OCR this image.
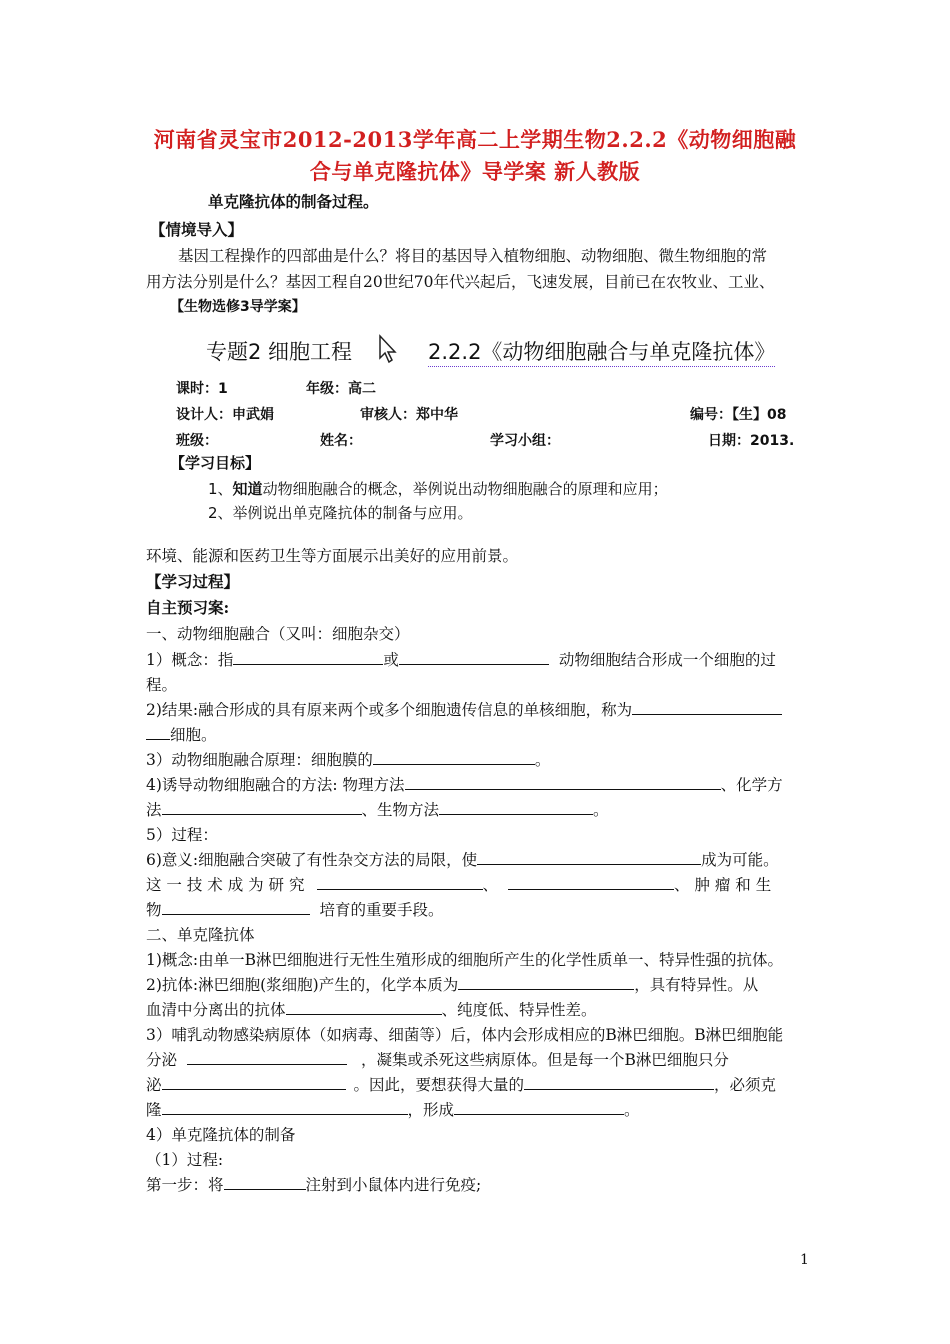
河南省灵宝市2012-2013学年高二上学期生物2.2.2《动物细胞融
合与单克隆抗体》导学案 新人教版
单克隆抗体的制备过程。
【情境导入】
基因工程操作的四部曲是什么？将目的基因导入植物细胞、动物细胞、微生物细胞的常
用方法分别是什么？基因工程自20世纪70年代兴起后，飞速发展，目前已在农牧业、工业、
【生物选修3导学案】
专题2 细胞工程	2.2.2《动物细胞融合与单克隆抗体》
课时：1	年级：高二
设计人：申武娟	审核人：郑中华	编号：【生】08
班级：	姓名：	学习小组：	日期：2013.
【学习目标】
1、知道动物细胞融合的概念，举例说出动物细胞融合的原理和应用；
2、举例说出单克隆抗体的制备与应用。
环境、能源和医药卫生等方面展示出美好的应用前景。
【学习过程】
自主预习案:
一、动物细胞融合（又叫：细胞杂交）
1）概念：指	或	动物细胞结合形成一个细胞的过
程。
2)结果:融合形成的具有原来两个或多个细胞遗传信息的单核细胞，称为
细胞。
3）动物细胞融合原理：细胞膜的	。
4)诱导动物细胞融合的方法: 物理方法	、化学方
法	、生物方法	。
5）过程：
6)意义:细胞融合突破了有性杂交方法的局限，使	成为可能。
这 一 技 术 成 为 研 究	、	、 肿 瘤 和 生
物	培育的重要手段。
二、单克隆抗体
1)概念:由单一B淋巴细胞进行无性生殖形成的细胞所产生的化学性质单一、特异性强的抗体。
2)抗体:淋巴细胞(浆细胞)产生的，化学本质为	，具有特异性。从
血清中分离出的抗体	、纯度低、特异性差。
3）哺乳动物感染病原体（如病毒、细菌等）后，体内会形成相应的B淋巴细胞。B淋巴细胞能
分泌	，凝集或杀死这些病原体。但是每一个B淋巴细胞只分
泌	。因此，要想获得大量的	，必须克
隆	，形成	。
4）单克隆抗体的制备
（1）过程:
第一步：将	注射到小鼠体内进行免疫;
1
